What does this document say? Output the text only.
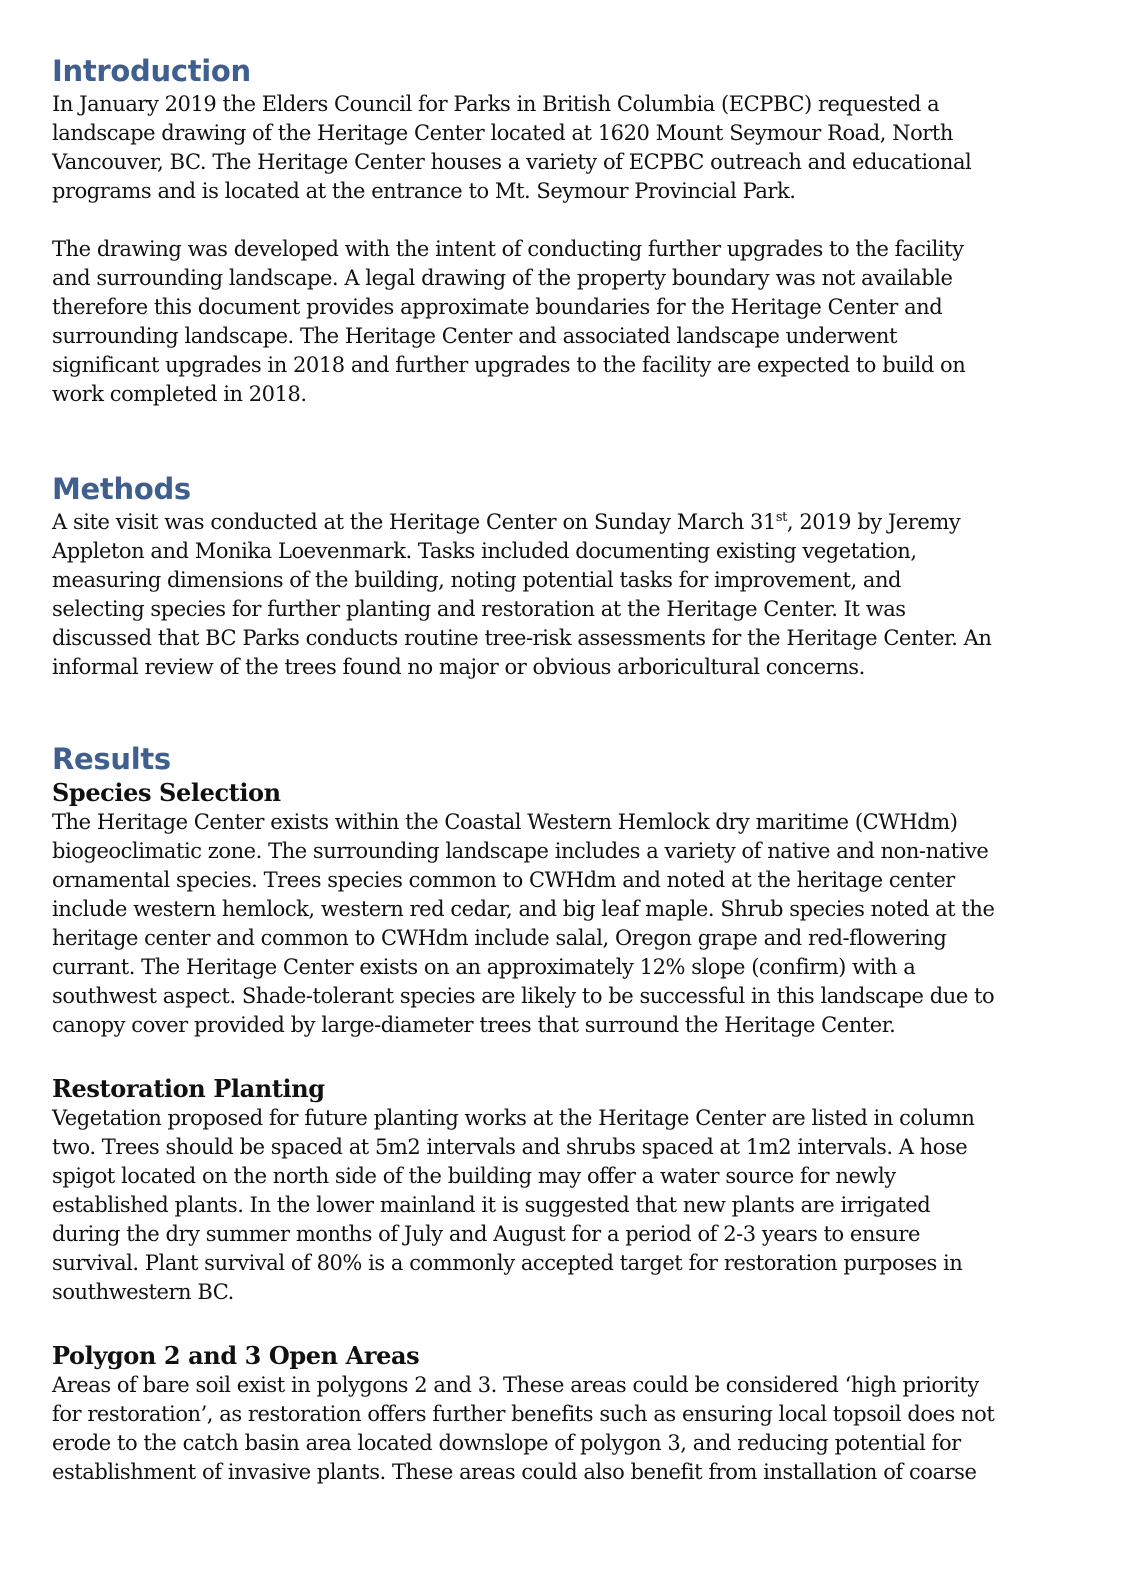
Introduction
In January 2019 the Elders Council for Parks in British Columbia (ECPBC) requested a
landscape drawing of the Heritage Center located at 1620 Mount Seymour Road, North
Vancouver, BC. The Heritage Center houses a variety of ECPBC outreach and educational
programs and is located at the entrance to Mt. Seymour Provincial Park.
The drawing was developed with the intent of conducting further upgrades to the facility
and surrounding landscape. A legal drawing of the property boundary was not available
therefore this document provides approximate boundaries for the Heritage Center and
surrounding landscape. The Heritage Center and associated landscape underwent
significant upgrades in 2018 and further upgrades to the facility are expected to build on
work completed in 2018.
Methods
A site visit was conducted at the Heritage Center on Sunday March 31st, 2019 by Jeremy
Appleton and Monika Loevenmark. Tasks included documenting existing vegetation,
measuring dimensions of the building, noting potential tasks for improvement, and
selecting species for further planting and restoration at the Heritage Center. It was
discussed that BC Parks conducts routine tree-risk assessments for the Heritage Center. An
informal review of the trees found no major or obvious arboricultural concerns.
Results
Species Selection
The Heritage Center exists within the Coastal Western Hemlock dry maritime (CWHdm)
biogeoclimatic zone. The surrounding landscape includes a variety of native and non-native
ornamental species. Trees species common to CWHdm and noted at the heritage center
include western hemlock, western red cedar, and big leaf maple. Shrub species noted at the
heritage center and common to CWHdm include salal, Oregon grape and red-flowering
currant. The Heritage Center exists on an approximately 12% slope (confirm) with a
southwest aspect. Shade-tolerant species are likely to be successful in this landscape due to
canopy cover provided by large-diameter trees that surround the Heritage Center.
Restoration Planting
Vegetation proposed for future planting works at the Heritage Center are listed in column
two. Trees should be spaced at 5m2 intervals and shrubs spaced at 1m2 intervals. A hose
spigot located on the north side of the building may offer a water source for newly
established plants. In the lower mainland it is suggested that new plants are irrigated
during the dry summer months of July and August for a period of 2-3 years to ensure
survival. Plant survival of 80% is a commonly accepted target for restoration purposes in
southwestern BC.
Polygon 2 and 3 Open Areas
Areas of bare soil exist in polygons 2 and 3. These areas could be considered ‘high priority
for restoration’, as restoration offers further benefits such as ensuring local topsoil does not
erode to the catch basin area located downslope of polygon 3, and reducing potential for
establishment of invasive plants. These areas could also benefit from installation of coarse
